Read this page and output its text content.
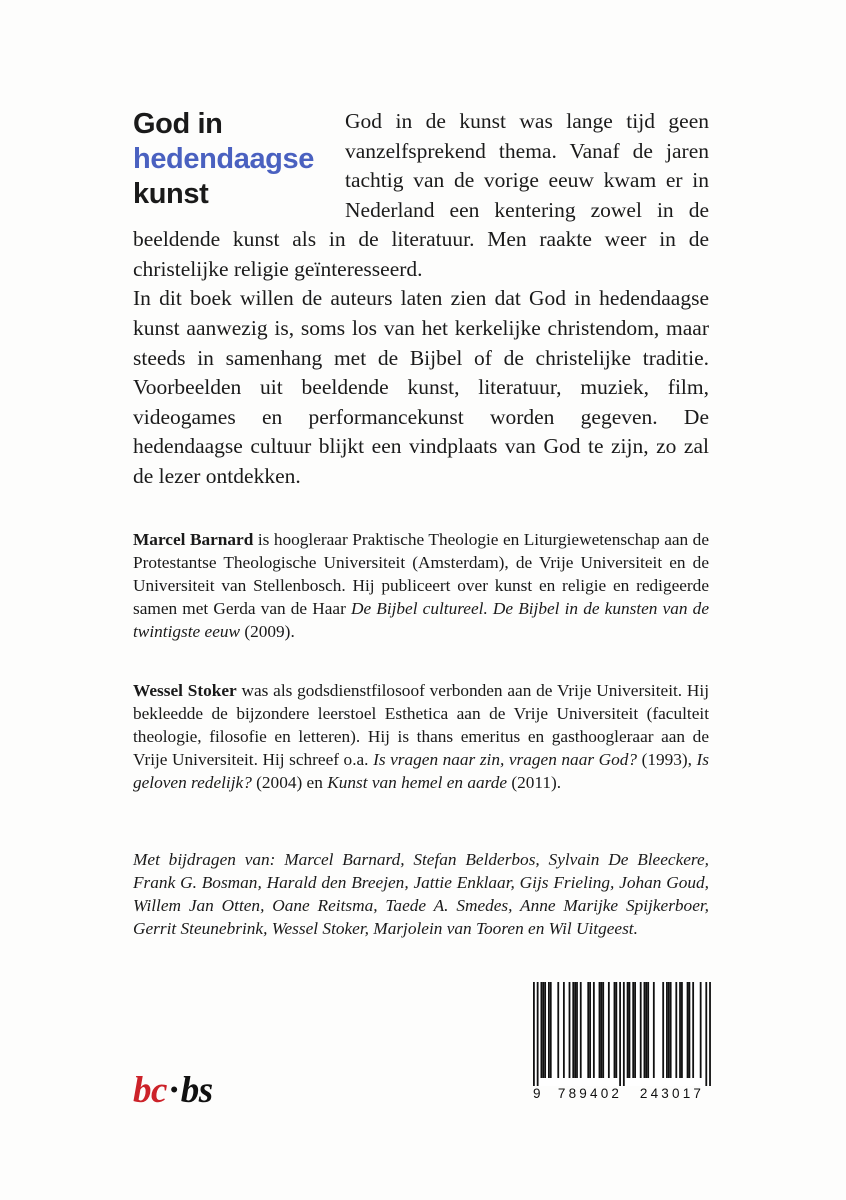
God in
hedendaagse
kunst

God in de kunst was lange tijd geen vanzelfsprekend thema. Vanaf de jaren tachtig van de vorige eeuw kwam er in Nederland een kentering zowel in de beeldende kunst als in de literatuur. Men raakte weer in de christelijke religie geïnteresseerd.

In dit boek willen de auteurs laten zien dat God in hedendaagse kunst aanwezig is, soms los van het kerkelijke christendom, maar steeds in samenhang met de Bijbel of de christelijke traditie. Voorbeelden uit beeldende kunst, literatuur, muziek, film, videogames en performancekunst worden gegeven. De hedendaagse cultuur blijkt een vindplaats van God te zijn, zo zal de lezer ontdekken.

Marcel Barnard is hoogleraar Praktische Theologie en Liturgiewetenschap aan de Protestantse Theologische Universiteit (Amsterdam), de Vrije Universiteit en de Universiteit van Stellenbosch. Hij publiceert over kunst en religie en redigeerde samen met Gerda van de Haar De Bijbel cultureel. De Bijbel in de kunsten van de twintigste eeuw (2009).

Wessel Stoker was als godsdienstfilosoof verbonden aan de Vrije Universiteit. Hij bekleedde de bijzondere leerstoel Esthetica aan de Vrije Universiteit (faculteit theologie, filosofie en letteren). Hij is thans emeritus en gasthoogleraar aan de Vrije Universiteit. Hij schreef o.a. Is vragen naar zin, vragen naar God? (1993), Is geloven redelijk? (2004) en Kunst van hemel en aarde (2011).

Met bijdragen van: Marcel Barnard, Stefan Belderbos, Sylvain De Bleeckere, Frank G. Bosman, Harald den Breejen, Jattie Enklaar, Gijs Frieling, Johan Goud, Willem Jan Otten, Oane Reitsma, Taede A. Smedes, Anne Marijke Spijkerboer, Gerrit Steunebrink, Wessel Stoker, Marjolein van Tooren en Wil Uitgeest.

bc·bs	9	789402	243017
